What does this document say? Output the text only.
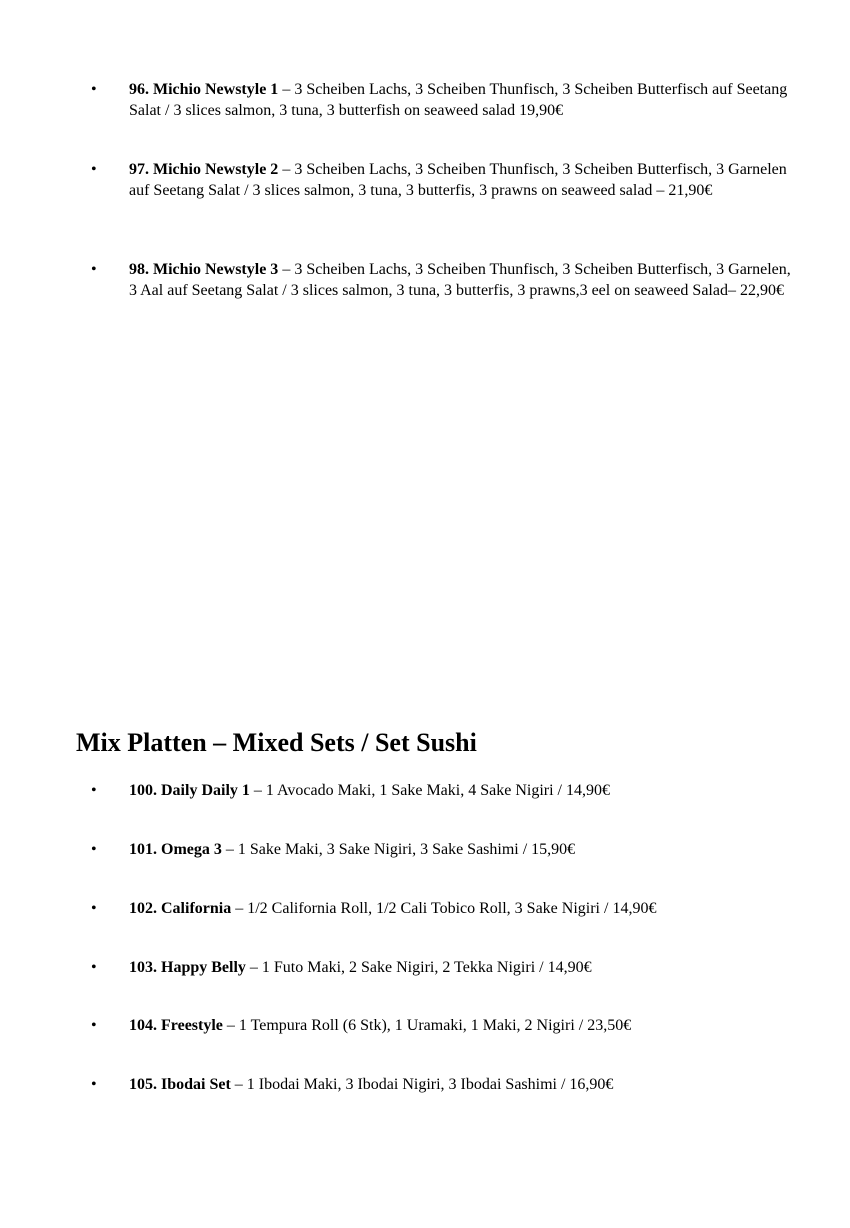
• 96. Michio Newstyle 1 – 3 Scheiben Lachs, 3 Scheiben Thunfisch, 3 Scheiben Butterfisch auf Seetang Salat / 3 slices salmon, 3 tuna, 3 butterfish on seaweed salad 19,90€
• 97. Michio Newstyle 2 – 3 Scheiben Lachs, 3 Scheiben Thunfisch, 3 Scheiben Butterfisch, 3 Garnelen auf Seetang Salat / 3 slices salmon, 3 tuna, 3 butterfis, 3 prawns on seaweed salad – 21,90€
• 98. Michio Newstyle 3 – 3 Scheiben Lachs, 3 Scheiben Thunfisch, 3 Scheiben Butterfisch, 3 Garnelen, 3 Aal auf Seetang Salat / 3 slices salmon, 3 tuna, 3 butterfis, 3 prawns,3 eel on seaweed Salad– 22,90€
Mix Platten – Mixed Sets / Set Sushi
• 100. Daily Daily 1 – 1 Avocado Maki, 1 Sake Maki, 4 Sake Nigiri / 14,90€
• 101. Omega 3 – 1 Sake Maki, 3 Sake Nigiri, 3 Sake Sashimi / 15,90€
• 102. California – 1/2 California Roll, 1/2 Cali Tobico Roll, 3 Sake Nigiri / 14,90€
• 103. Happy Belly – 1 Futo Maki, 2 Sake Nigiri, 2 Tekka Nigiri / 14,90€
• 104. Freestyle – 1 Tempura Roll (6 Stk), 1 Uramaki, 1 Maki, 2 Nigiri / 23,50€
• 105. Ibodai Set – 1 Ibodai Maki, 3 Ibodai Nigiri, 3 Ibodai Sashimi / 16,90€
